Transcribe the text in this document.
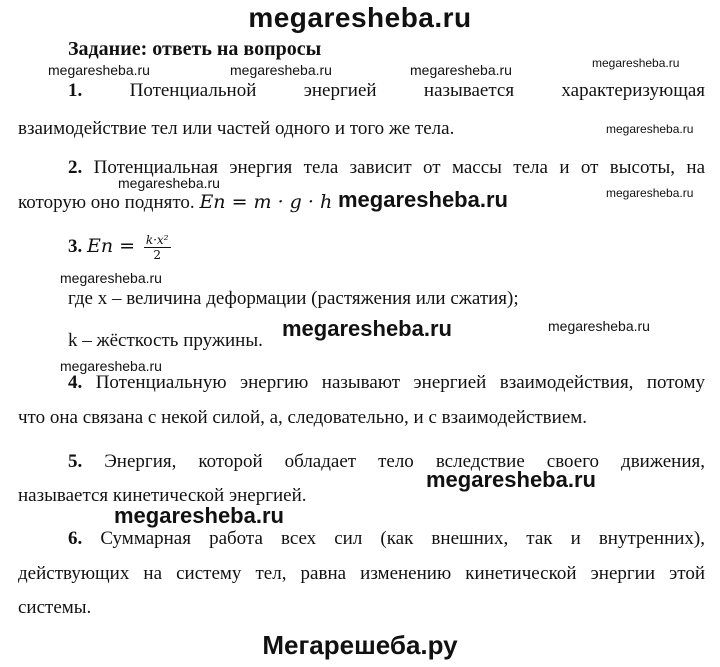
megaresheba.ru
Задание: ответь на вопросы
megaresheba.ru	megaresheba.ru	megaresheba.ru	megaresheba.ru
1. Потенциальной энергией называется характеризующая
взаимодействие тел или частей одного и того же тела.	megaresheba.ru
2. Потенциальная энергия тела зависит от массы тела и от высоты, на
megaresheba.ru
megaresheba.ru
которую оно поднято. Eп = m · g · h megaresheba.ru
3. Eп = $\frac{\text{k·x²}}{2}$
megaresheba.ru
где x – величина деформации (растяжения или сжатия);
megaresheba.ru	megaresheba.ru
k – жёсткость пружины.
megaresheba.ru
4. Потенциальную энергию называют энергией взаимодействия, потому
что она связана с некой силой, а, следовательно, и с взаимодействием.
5. Энергия, которой обладает тело вследствие своего движения,
megaresheba.ru
называется кинетической энергией.
megaresheba.ru
6. Суммарная работа всех сил (как внешних, так и внутренних),
действующих на систему тел, равна изменению кинетической энергии этой
системы.
Мегарешеба.ру
